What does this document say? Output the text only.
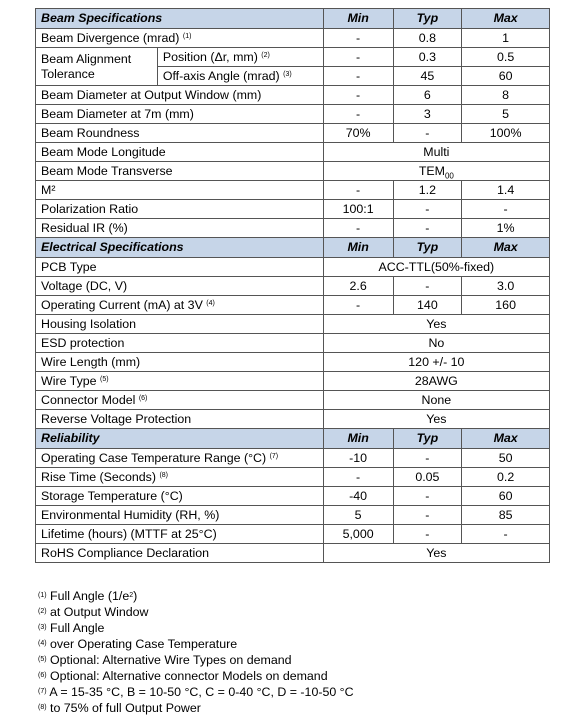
Beam Specifications		Min	Typ	Max
Beam Divergence (mrad) $^{(1)}$		-	0.8	1
Beam Alignment Tolerance	Position (Δr, mm) $^{(2)}$	-	0.3	0.5
	Off-axis Angle (mrad) $^{(3)}$	-	45	60
Beam Diameter at Output Window (mm)		-	6	8
Beam Diameter at 7m (mm)		-	3	5
Beam Roundness		70%	-	100%
Beam Mode Longitude		Multi		
Beam Mode Transverse		$TEM_{00}$
M²		-	1.2	1.4
Polarization Ratio		100:1	-	-
Residual IR (%)		-	-	1%
Electrical Specifications		Min	Typ	Max
PCB Type		ACC-TTL(50%-fixed)		
Voltage (DC, V)		2.6	-	3.0
Operating Current (mA) at 3V $^{(4)}$		-	140	160
Housing Isolation		Yes		
ESD protection		No		
Wire Length (mm)		120 +/- 10		
Wire Type $^{(5)}$		28AWG		
Connector Model $^{(6)}$		None		
Reverse Voltage Protection		Yes		
Reliability		Min	Typ	Max
Operating Case Temperature Range (°C) $^{(7)}$		-10	-	50
Rise Time (Seconds) $^{(8)}$		-	0.05	0.2
Storage Temperature (°C)		-40	-	60
Environmental Humidity (RH, %)		5	-	85
Lifetime (hours) (MTTF at 25°C)		5,000	-	-
RoHS Compliance Declaration		Yes		
$^{(1)}$ Full Angle $(1/e^2)$
$^{(2)}$ at Output Window
$^{(3)}$ Full Angle
$^{(4)}$ over Operating Case Temperature
$^{(5)}$ Optional: Alternative Wire Types on demand
$^{(6)}$ Optional: Alternative connector Models on demand
$^{(7)}$ A = 15-35 °C, B = 10-50 °C, C = 0-40 °C, D = -10-50 °C
$^{(8)}$ to 75% of full Output Power
